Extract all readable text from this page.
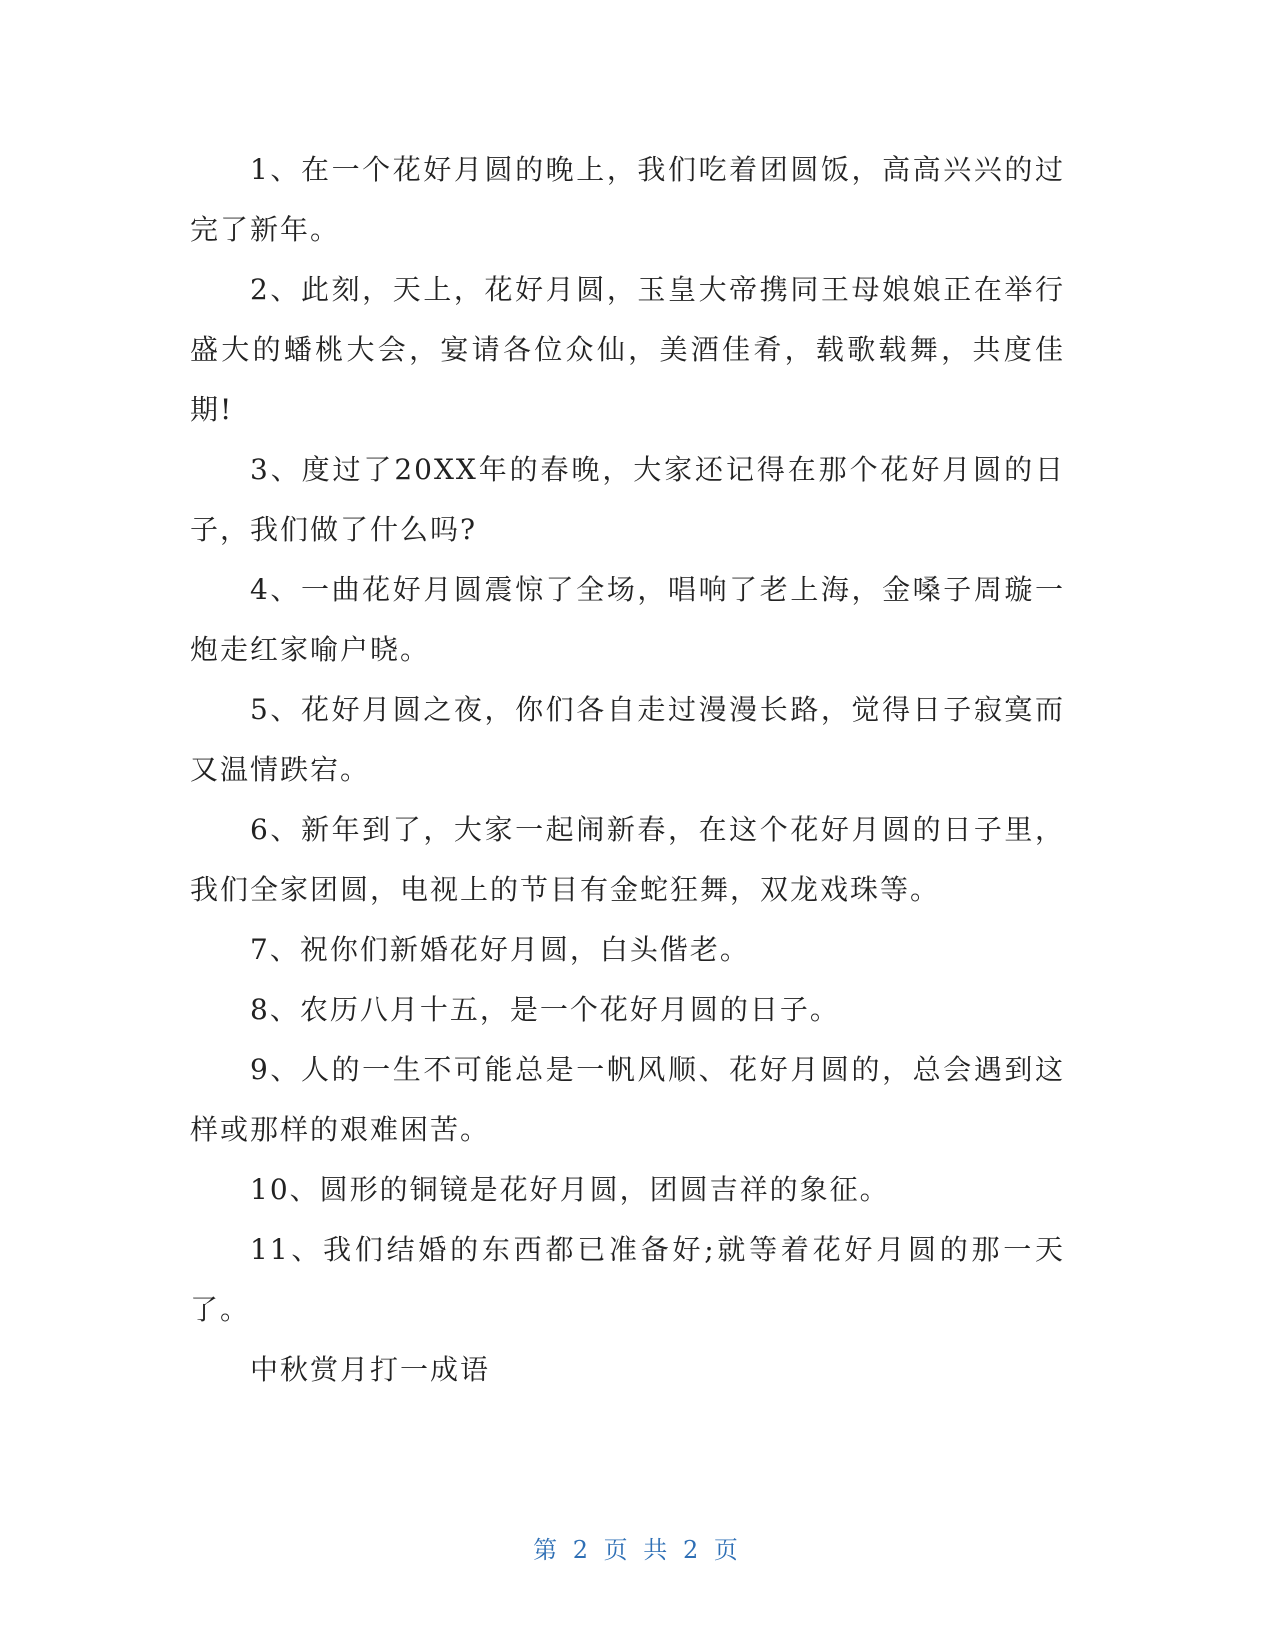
1、在一个花好月圆的晚上，我们吃着团圆饭，高高兴兴的过完了新年。

2、此刻，天上，花好月圆，玉皇大帝携同王母娘娘正在举行盛大的蟠桃大会，宴请各位众仙，美酒佳肴，载歌载舞，共度佳期!

3、度过了20XX年的春晚，大家还记得在那个花好月圆的日子，我们做了什么吗?

4、一曲花好月圆震惊了全场，唱响了老上海，金嗓子周璇一炮走红家喻户晓。

5、花好月圆之夜，你们各自走过漫漫长路，觉得日子寂寞而又温情跌宕。

6、新年到了，大家一起闹新春，在这个花好月圆的日子里，我们全家团圆，电视上的节目有金蛇狂舞，双龙戏珠等。

7、祝你们新婚花好月圆，白头偕老。

8、农历八月十五，是一个花好月圆的日子。

9、人的一生不可能总是一帆风顺、花好月圆的，总会遇到这样或那样的艰难困苦。

10、圆形的铜镜是花好月圆，团圆吉祥的象征。

11、我们结婚的东西都已准备好;就等着花好月圆的那一天了。

中秋赏月打一成语

第 2 页 共 2 页
